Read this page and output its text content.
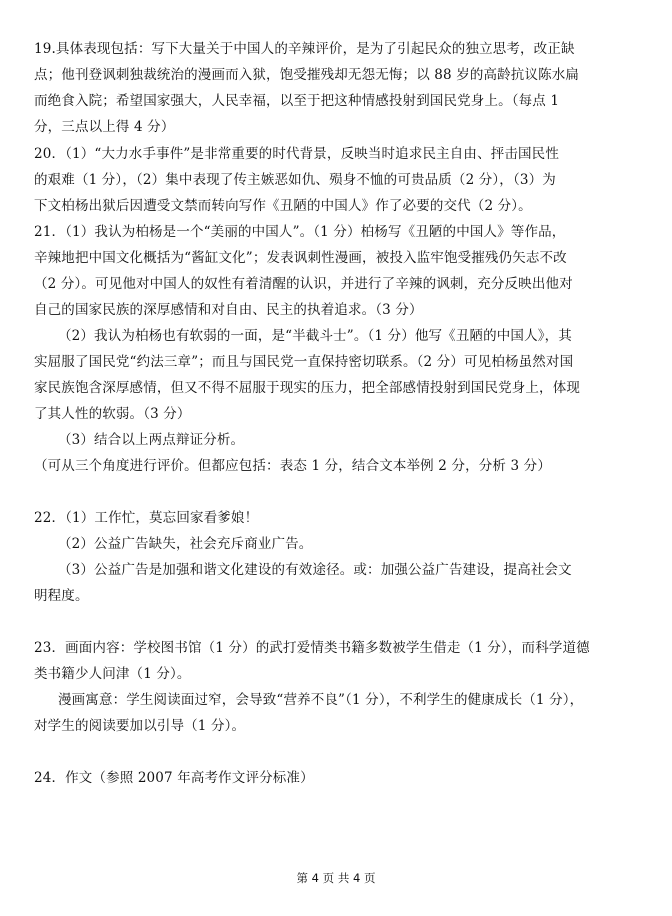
19.具体表现包括：写下大量关于中国人的辛辣评价，是为了引起民众的独立思考，改正缺
点；他刊登讽刺独裁统治的漫画而入狱，饱受摧残却无怨无悔；以 88 岁的高龄抗议陈水扁
而绝食入院；希望国家强大，人民幸福，以至于把这种情感投射到国民党身上。（每点 1
分，三点以上得 4 分）
20．（1）“大力水手事件”是非常重要的时代背景，反映当时追求民主自由、抨击国民性
的艰难（1 分），（2）集中表现了传主嫉恶如仇、殒身不恤的可贵品质（2 分），（3）为
下文柏杨出狱后因遭受文禁而转向写作《丑陋的中国人》作了必要的交代（2 分）。
21．（1）我认为柏杨是一个“美丽的中国人”。（1 分）柏杨写《丑陋的中国人》等作品，
辛辣地把中国文化概括为“酱缸文化”；发表讽刺性漫画，被投入监牢饱受摧残仍矢志不改
（2 分）。可见他对中国人的奴性有着清醒的认识，并进行了辛辣的讽刺，充分反映出他对
自己的国家民族的深厚感情和对自由、民主的执着追求。（3 分）
（2）我认为柏杨也有软弱的一面，是“半截斗士”。（1 分）他写《丑陋的中国人》，其
实屈服了国民党“约法三章”；而且与国民党一直保持密切联系。（2 分）可见柏杨虽然对国
家民族饱含深厚感情，但又不得不屈服于现实的压力，把全部感情投射到国民党身上，体现
了其人性的软弱。（3 分）
（3）结合以上两点辩证分析。
（可从三个角度进行评价。但都应包括：表态 1 分，结合文本举例 2 分，分析 3 分）
22．（1）工作忙，莫忘回家看爹娘！
（2）公益广告缺失，社会充斥商业广告。
（3）公益广告是加强和谐文化建设的有效途径。或：加强公益广告建设，提高社会文
明程度。
23．画面内容：学校图书馆（1 分）的武打爱情类书籍多数被学生借走（1 分），而科学道德
类书籍少人问津（1 分）。
漫画寓意：学生阅读面过窄，会导致“营养不良”（1 分），不利学生的健康成长（1 分），
对学生的阅读要加以引导（1 分）。
24．作文（参照 2007 年高考作文评分标准）
第 4 页 共 4 页
